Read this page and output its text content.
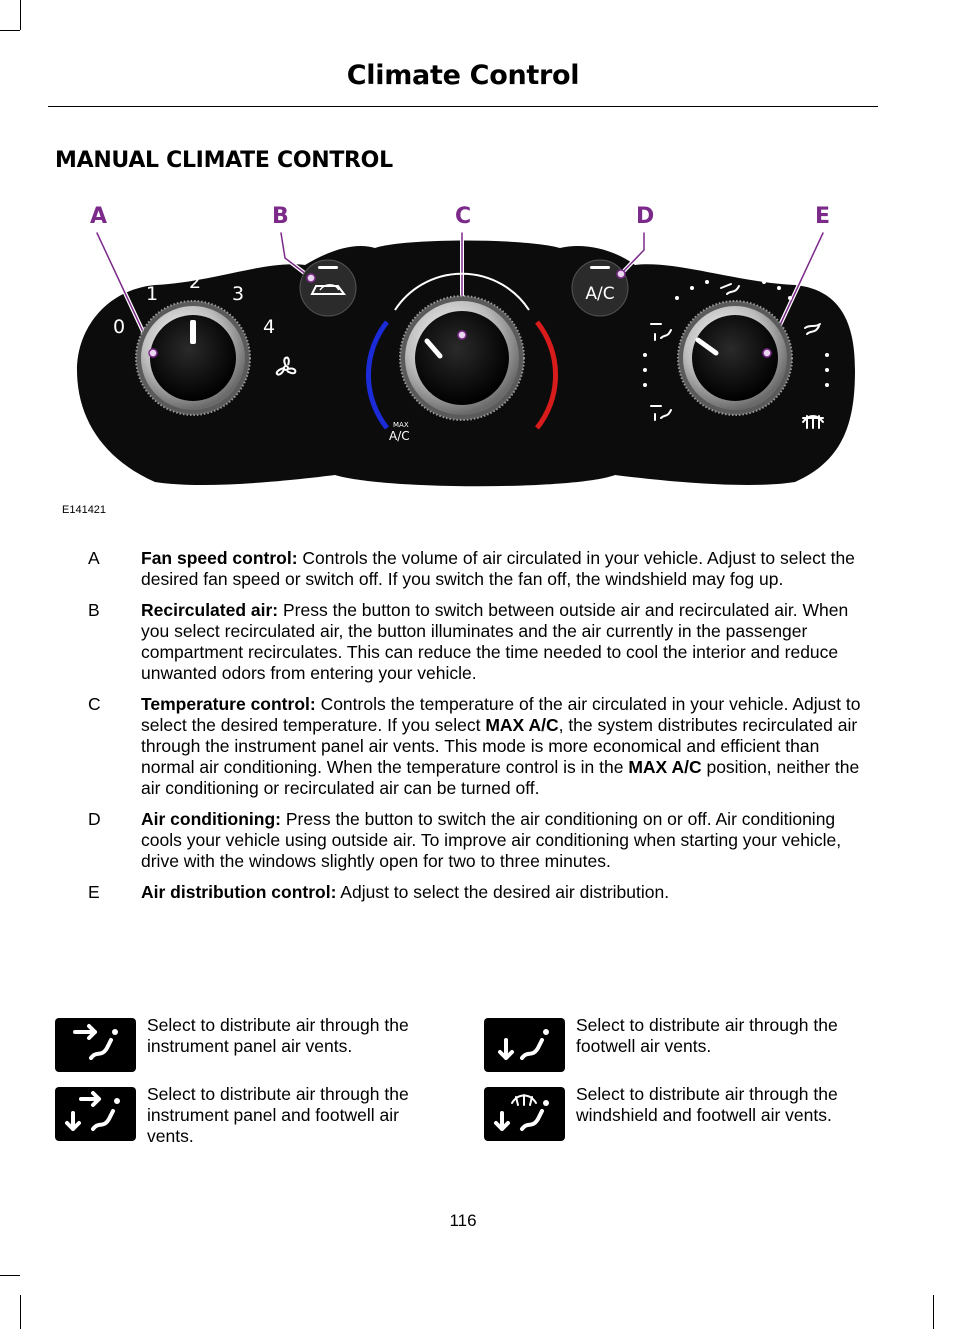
Climate Control
MANUAL CLIMATE CONTROL
A	B	C	D	E
0
1
2
3
4
MAX
A/C
A/C
E141421
A Fan speed control: Controls the volume of air circulated in your vehicle. Adjust to select the desired fan speed or switch off. If you switch the fan off, the windshield may fog up.
B Recirculated air: Press the button to switch between outside air and recirculated air. When you select recirculated air, the button illuminates and the air currently in the passenger compartment recirculates. This can reduce the time needed to cool the interior and reduce unwanted odors from entering your vehicle.
C Temperature control: Controls the temperature of the air circulated in your vehicle. Adjust to select the desired temperature. If you select MAX A/C, the system distributes recirculated air through the instrument panel air vents. This mode is more economical and efficient than normal air conditioning. When the temperature control is in the MAX A/C position, neither the air conditioning or recirculated air can be turned off.
D Air conditioning: Press the button to switch the air conditioning on or off. Air conditioning cools your vehicle using outside air. To improve air conditioning when starting your vehicle, drive with the windows slightly open for two to three minutes.
E Air distribution control: Adjust to select the desired air distribution.
Select to distribute air through the instrument panel air vents.
Select to distribute air through the footwell air vents.
Select to distribute air through the instrument panel and footwell air vents.
Select to distribute air through the windshield and footwell air vents.
116
